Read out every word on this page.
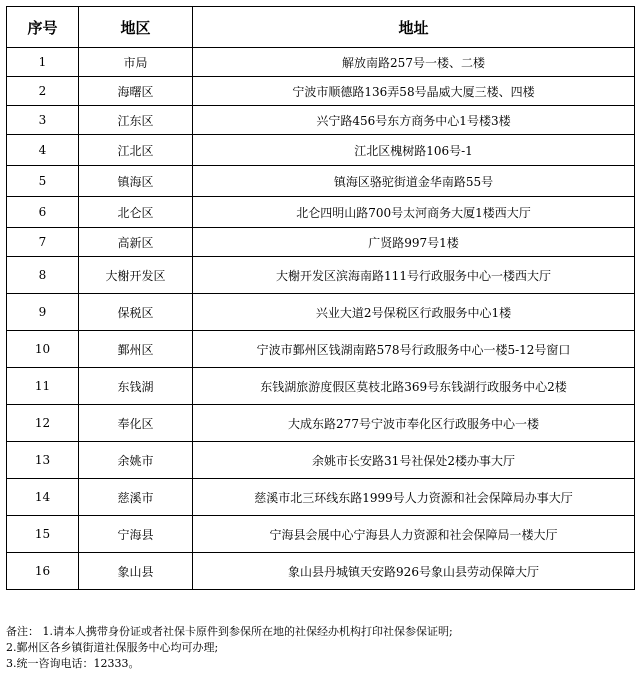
序号	地区	地址
1	市局	解放南路257号一楼、二楼
2	海曙区	宁波市顺德路136弄58号晶威大厦三楼、四楼
3	江东区	兴宁路456号东方商务中心1号楼3楼
4	江北区	江北区槐树路106号-1
5	镇海区	镇海区骆驼街道金华南路55号
6	北仑区	北仑四明山路700号太河商务大厦1楼西大厅
7	高新区	广贤路997号1楼
8	大榭开发区	大榭开发区滨海南路111号行政服务中心一楼西大厅
9	保税区	兴业大道2号保税区行政服务中心1楼
10	鄞州区	宁波市鄞州区钱湖南路578号行政服务中心一楼5-12号窗口
11	东钱湖	东钱湖旅游度假区莫枝北路369号东钱湖行政服务中心2楼
12	奉化区	大成东路277号宁波市奉化区行政服务中心一楼
13	余姚市	余姚市长安路31号社保处2楼办事大厅
14	慈溪市	慈溪市北三环线东路1999号人力资源和社会保障局办事大厅
15	宁海县	宁海县会展中心宁海县人力资源和社会保障局一楼大厅
16	象山县	象山县丹城镇天安路926号象山县劳动保障大厅
备注： 1.请本人携带身份证或者社保卡原件到参保所在地的社保经办机构打印社保参保证明;
2.鄞州区各乡镇街道社保服务中心均可办理;
3.统一咨询电话：12333。
